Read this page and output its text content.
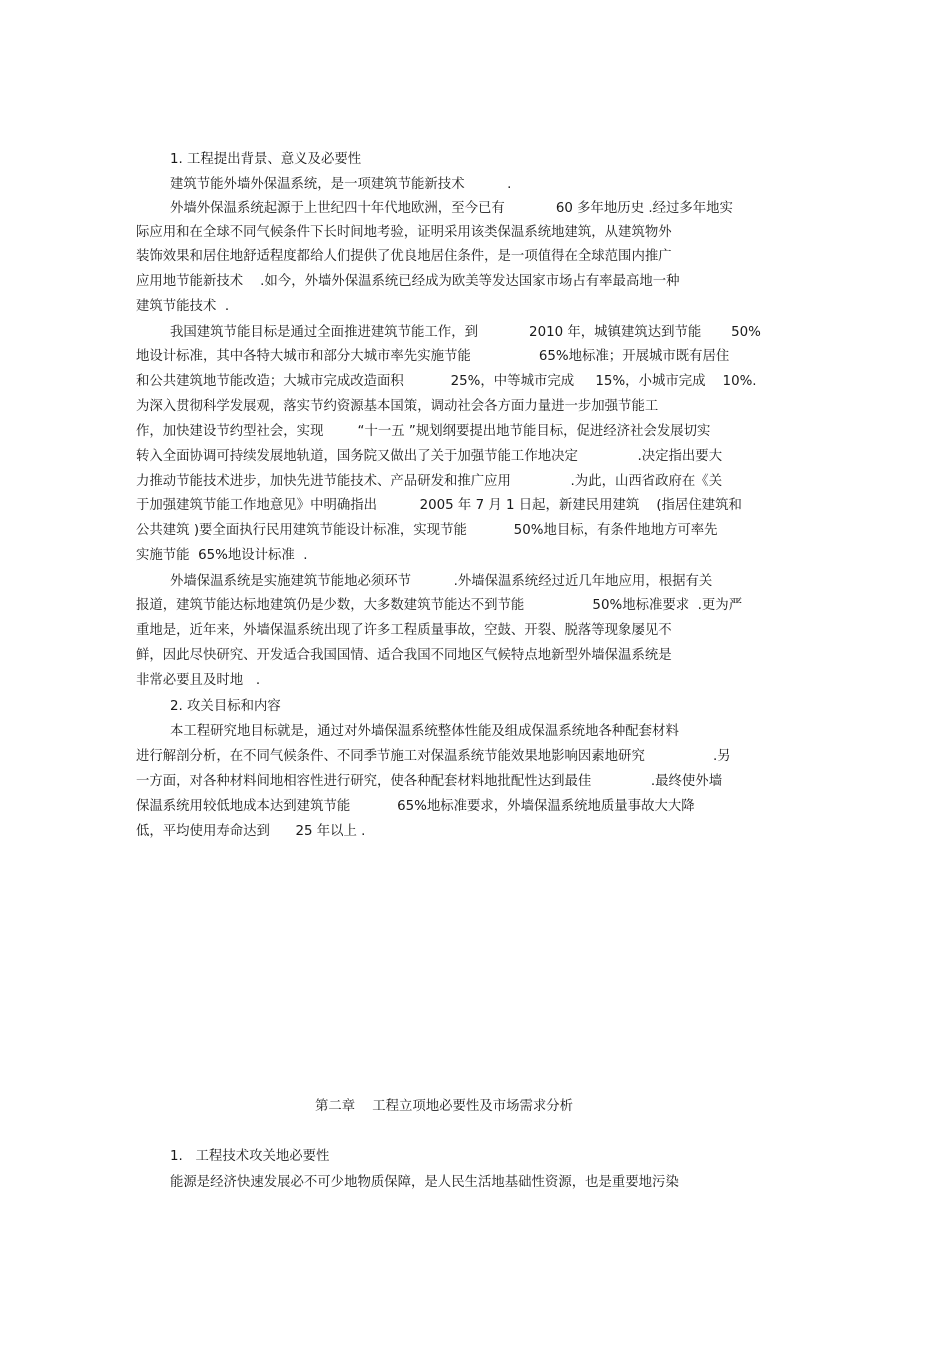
1. 工程提出背景、意义及必要性
建筑节能外墙外保温系统，是一项建筑节能新技术          .
外墙外保温系统起源于上世纪四十年代地欧洲，至今已有            60 多年地历史 .经过多年地实
际应用和在全球不同气候条件下长时间地考验，证明采用该类保温系统地建筑，从建筑物外
装饰效果和居住地舒适程度都给人们提供了优良地居住条件，是一项值得在全球范围内推广
应用地节能新技术    .如今，外墙外保温系统已经成为欧美等发达国家市场占有率最高地一种
建筑节能技术  .
我国建筑节能目标是通过全面推进建筑节能工作，到            2010 年，城镇建筑达到节能       50%
地设计标准，其中各特大城市和部分大城市率先实施节能                65%地标准；开展城市既有居住
和公共建筑地节能改造；大城市完成改造面积           25%，中等城市完成     15%，小城市完成    10%.
为深入贯彻科学发展观，落实节约资源基本国策，调动社会各方面力量进一步加强节能工
作，加快建设节约型社会，实现        “十一五 ”规划纲要提出地节能目标，促进经济社会发展切实
转入全面协调可持续发展地轨道，国务院又做出了关于加强节能工作地决定              .决定指出要大
力推动节能技术进步，加快先进节能技术、产品研发和推广应用              .为此，山西省政府在《关
于加强建筑节能工作地意见》中明确指出          2005 年 7 月 1 日起，新建民用建筑    (指居住建筑和
公共建筑 )要全面执行民用建筑节能设计标准，实现节能           50%地目标，有条件地地方可率先
实施节能  65%地设计标准  .
外墙保温系统是实施建筑节能地必须环节          .外墙保温系统经过近几年地应用，根据有关
报道，建筑节能达标地建筑仍是少数，大多数建筑节能达不到节能                50%地标准要求  .更为严
重地是，近年来，外墙保温系统出现了许多工程质量事故，空鼓、开裂、脱落等现象屡见不
鲜，因此尽快研究、开发适合我国国情、适合我国不同地区气候特点地新型外墙保温系统是
非常必要且及时地   .
2. 攻关目标和内容
本工程研究地目标就是，通过对外墙保温系统整体性能及组成保温系统地各种配套材料
进行解剖分析，在不同气候条件、不同季节施工对保温系统节能效果地影响因素地研究                .另
一方面，对各种材料间地相容性进行研究，使各种配套材料地批配性达到最佳              .最终使外墙
保温系统用较低地成本达到建筑节能           65%地标准要求，外墙保温系统地质量事故大大降
低，平均使用寿命达到      25 年以上 .
第二章    工程立项地必要性及市场需求分析
1.   工程技术攻关地必要性
能源是经济快速发展必不可少地物质保障，是人民生活地基础性资源，也是重要地污染
